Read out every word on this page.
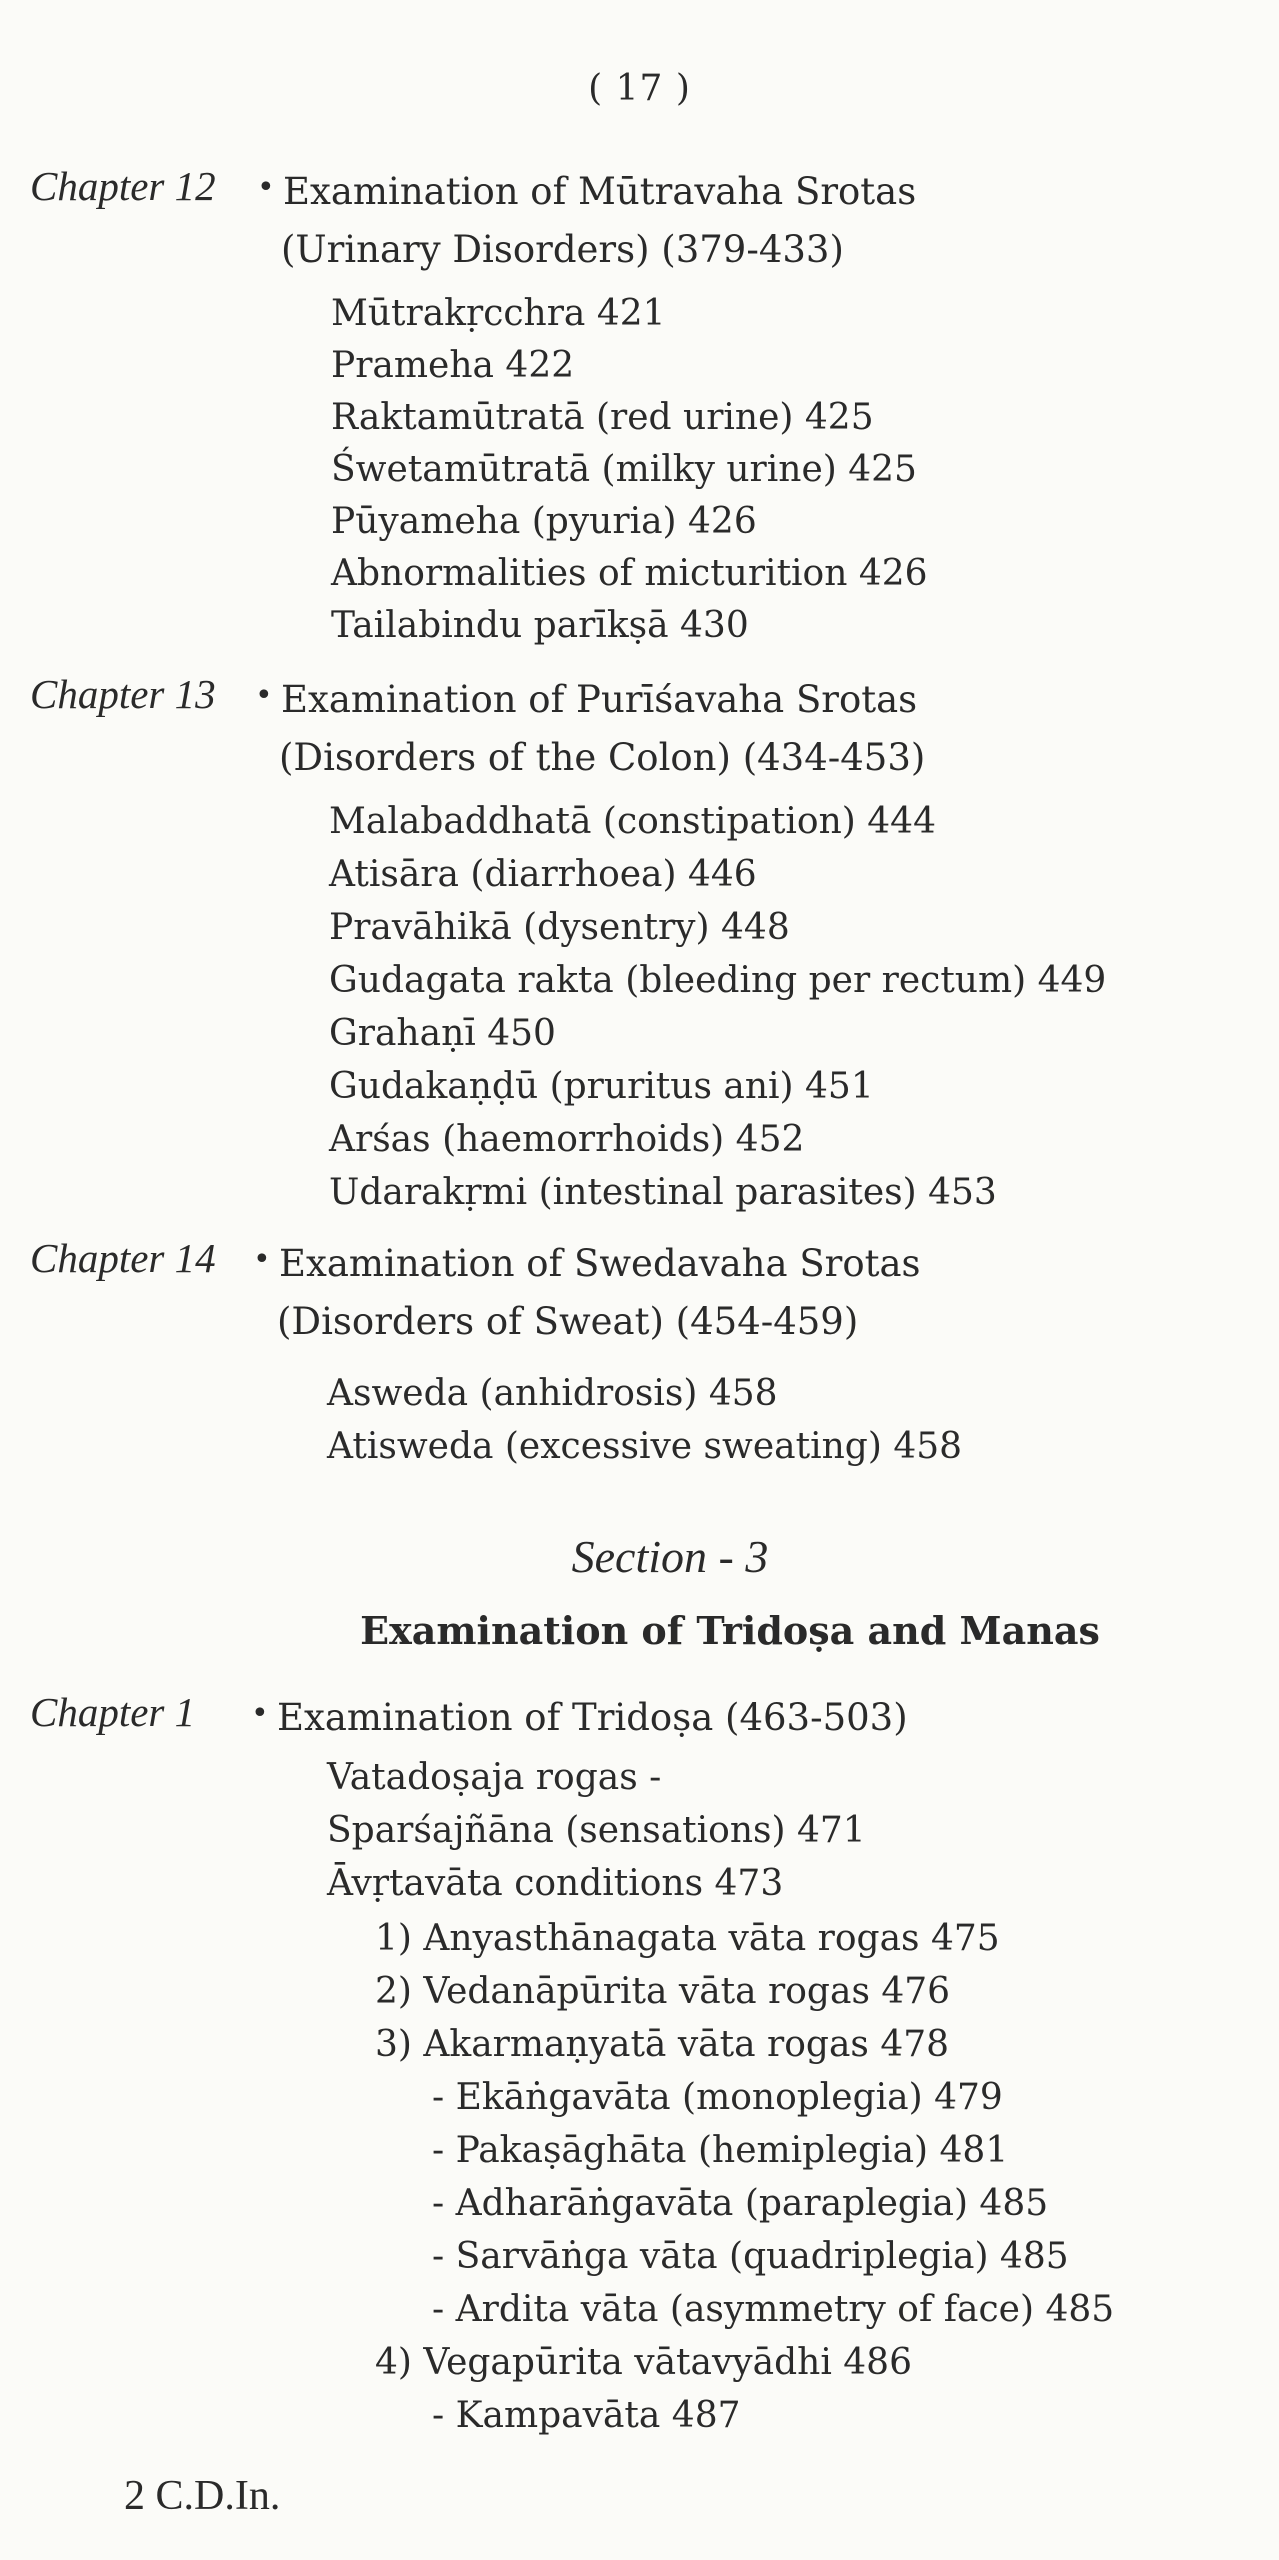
( 17 )
Chapter 12 • Examination of Mūtravaha Srotas
(Urinary Disorders) (379-433)
Mūtrakṛcchra 421
Prameha 422
Raktamūtratā (red urine) 425
Śwetamūtratā (milky urine) 425
Pūyameha (pyuria) 426
Abnormalities of micturition 426
Tailabindu parīkṣā 430
Chapter 13 • Examination of Purīśavaha Srotas
(Disorders of the Colon) (434-453)
Malabaddhatā (constipation) 444
Atisāra (diarrhoea) 446
Pravāhikā (dysentry) 448
Gudagata rakta (bleeding per rectum) 449
Grahaṇī 450
Gudakaṇḍū (pruritus ani) 451
Arśas (haemorrhoids) 452
Udarakṛmi (intestinal parasites) 453
Chapter 14 • Examination of Swedavaha Srotas
(Disorders of Sweat) (454-459)
Asweda (anhidrosis) 458
Atisweda (excessive sweating) 458
Section - 3
Examination of Tridoṣa and Manas
Chapter 1 • Examination of Tridoṣa (463-503)
Vatadoṣaja rogas -
Sparśajñāna (sensations) 471
Āvṛtavāta conditions 473
1) Anyasthānagata vāta rogas 475
2) Vedanāpūrita vāta rogas 476
3) Akarmaṇyatā vāta rogas 478
- Ekāṅgavāta (monoplegia) 479
- Pakaṣāghāta (hemiplegia) 481
- Adharāṅgavāta (paraplegia) 485
- Sarvāṅga vāta (quadriplegia) 485
- Ardita vāta (asymmetry of face) 485
4) Vegapūrita vātavyādhi 486
- Kampavāta 487
2 C.D.In.
